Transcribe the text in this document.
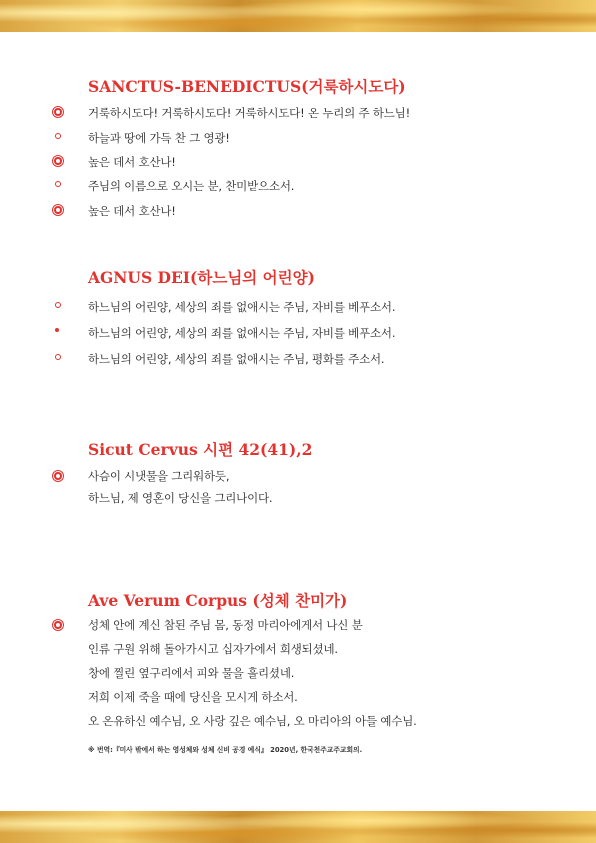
SANCTUS-BENEDICTUS(거룩하시도다)
거룩하시도다! 거룩하시도다! 거룩하시도다! 온 누리의 주 하느님!
하늘과 땅에 가득 찬 그 영광!
높은 데서 호산나!
주님의 이름으로 오시는 분, 찬미받으소서.
높은 데서 호산나!
AGNUS DEI(하느님의 어린양)
하느님의 어린양, 세상의 죄를 없애시는 주님, 자비를 베푸소서.
하느님의 어린양, 세상의 죄를 없애시는 주님, 자비를 베푸소서.
하느님의 어린양, 세상의 죄를 없애시는 주님, 평화를 주소서.
Sicut Cervus 시편 42(41),2
사슴이 시냇물을 그리워하듯,
하느님, 제 영혼이 당신을 그리나이다.
Ave Verum Corpus (성체 찬미가)
성체 안에 계신 참된 주님 몸, 동정 마리아에게서 나신 분
인류 구원 위해 돌아가시고 십자가에서 희생되셨네.
창에 찔린 옆구리에서 피와 물을 흘리셨네.
저희 이제 죽을 때에 당신을 모시게 하소서.
오 온유하신 예수님, 오 사랑 깊은 예수님, 오 마리아의 아들 예수님.
※ 번역:『미사 밖에서 하는 영성체와 성체 신비 공경 예식』 2020년, 한국천주교주교회의.
